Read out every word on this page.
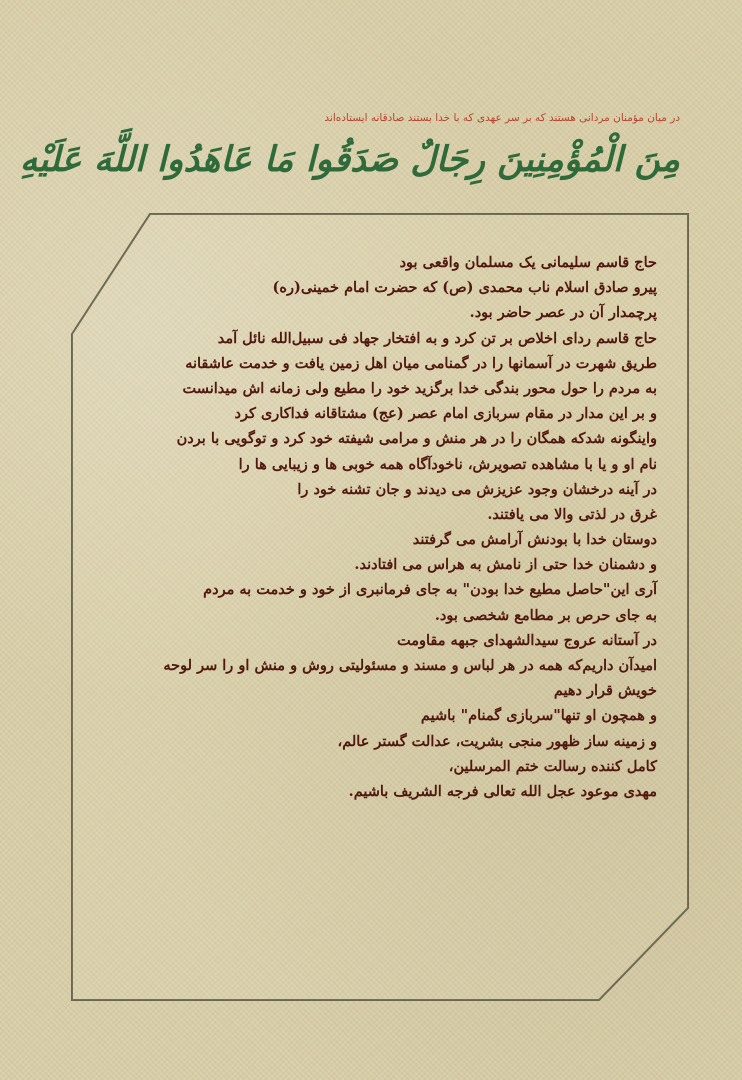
در میان مؤمنان مردانی هستند که بر سر عهدی که با خدا بستند صادقانه ایستاده‌اند
مِنَ الْمُؤْمِنِينَ رِجَالٌ صَدَقُوا مَا عَاهَدُوا اللَّهَ عَلَيْهِ
حاج قاسم سلیمانی یک مسلمان واقعی بود
پیرو صادق اسلام ناب محمدی (ص) که حضرت امام خمینی(ره)
پرچمدار آن در عصر حاضر بود.
حاج قاسم ردای اخلاص بر تن کرد و به افتخار جهاد فی سبیل‌الله نائل آمد
طریق شهرت در آسمانها را در گمنامی میان اهل زمین یافت و خدمت عاشقانه
به مردم را حول محور بندگی خدا برگزید خود را مطیع ولی زمانه اش میدانست
و بر این مدار در مقام سربازی امام عصر (عج) مشتاقانه فداکاری کرد
واینگونه شدکه همگان را در هر منش و مرامی شیفته خود کرد و توگویی با بردن
نام او و یا با مشاهده تصویرش، ناخودآگاه همه خوبی ها و زیبایی ها را
در آینه درخشان وجود عزیزش می دیدند و جان تشنه خود را
غرق در لذتی والا می یافتند.
دوستان خدا با بودنش آرامش می گرفتند
و دشمنان خدا حتی از نامش به هراس می افتادند.
آری این"حاصل مطیع خدا بودن" به جای فرمانبری از خود و خدمت به مردم
به جای حرص بر مطامع شخصی بود.
در آستانه عروج سیدالشهدای جبهه مقاومت
امیدآن داریم‌که همه در هر لباس و مسند و مسئولیتی روش و منش او را سر لوحه
خویش قرار دهیم
و همچون او تنها"سربازی گمنام" باشیم
و زمینه ساز ظهور منجی بشریت، عدالت گستر عالم،
کامل کننده رسالت ختم المرسلین،
مهدی موعود عجل الله تعالی فرجه الشریف باشیم.
